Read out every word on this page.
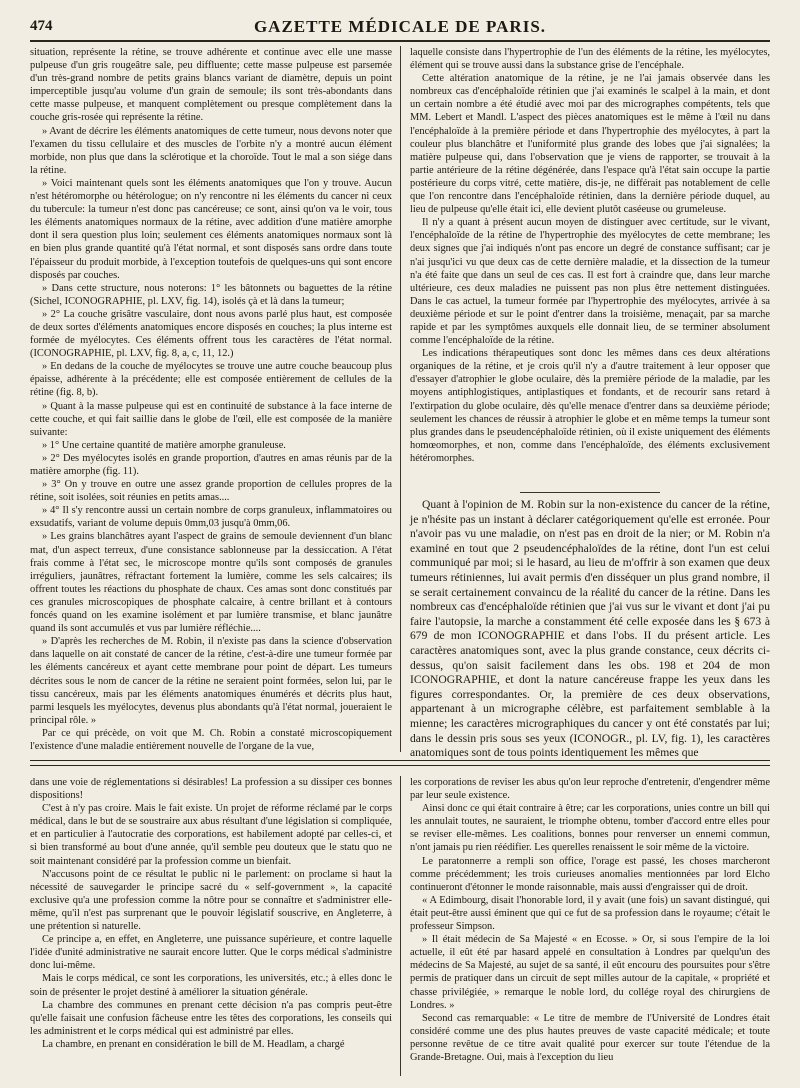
474	GAZETTE MÉDICALE DE PARIS.

situation, représente la rétine, se trouve adhérente et continue avec elle une masse pulpeuse d'un gris rougeâtre sale, peu diffluente; cette masse pulpeuse est parsemée d'un très-grand nombre de petits grains blancs variant de diamètre, depuis un point imperceptible jusqu'au volume d'un grain de semoule; ils sont très-abondants dans cette masse pulpeuse, et manquent complètement ou presque complètement dans la couche gris-rosée qui représente la rétine.

» Avant de décrire les éléments anatomiques de cette tumeur, nous devons noter que l'examen du tissu cellulaire et des muscles de l'orbite n'y a montré aucun élément morbide, non plus que dans la sclérotique et la choroïde. Tout le mal a son siége dans la rétine.

» Voici maintenant quels sont les éléments anatomiques que l'on y trouve. Aucun n'est hétéromorphe ou hétérologue; on n'y rencontre ni les éléments du cancer ni ceux du tubercule: la tumeur n'est donc pas cancéreuse; ce sont, ainsi qu'on va le voir, tous les éléments anatomiques normaux de la rétine, avec addition d'une matière amorphe dont il sera question plus loin; seulement ces éléments anatomiques normaux sont là en bien plus grande quantité qu'à l'état normal, et sont disposés sans ordre dans toute l'épaisseur du produit morbide, à l'exception toutefois de quelques-uns qui sont encore disposés par couches.

» Dans cette structure, nous noterons: 1° les bâtonnets ou baguettes de la rétine (Sichel, ICONOGRAPHIE, pl. LXV, fig. 14), isolés çà et là dans la tumeur;

» 2° La couche grisâtre vasculaire, dont nous avons parlé plus haut, est composée de deux sortes d'éléments anatomiques encore disposés en couches; la plus interne est formée de myélocytes. Ces éléments offrent tous les caractères de l'état normal. (ICONOGRAPHIE, pl. LXV, fig. 8, a, c, 11, 12.)

» En dedans de la couche de myélocytes se trouve une autre couche beaucoup plus épaisse, adhérente à la précédente; elle est composée entièrement de cellules de la rétine (fig. 8, b).

» Quant à la masse pulpeuse qui est en continuité de substance à la face interne de cette couche, et qui fait saillie dans le globe de l'œil, elle est composée de la manière suivante:

» 1° Une certaine quantité de matière amorphe granuleuse.

» 2° Des myélocytes isolés en grande proportion, d'autres en amas réunis par de la matière amorphe (fig. 11).

» 3° On y trouve en outre une assez grande proportion de cellules propres de la rétine, soit isolées, soit réunies en petits amas....

» 4° Il s'y rencontre aussi un certain nombre de corps granuleux, inflammatoires ou exsudatifs, variant de volume depuis 0mm,03 jusqu'à 0mm,06.

» Les grains blanchâtres ayant l'aspect de grains de semoule deviennent d'un blanc mat, d'un aspect terreux, d'une consistance sablonneuse par la dessiccation. A l'état frais comme à l'état sec, le microscope montre qu'ils sont composés de granules irréguliers, jaunâtres, réfractant fortement la lumière, comme les sels calcaires; ils offrent toutes les réactions du phosphate de chaux. Ces amas sont donc constitués par ces granules microscopiques de phosphate calcaire, à centre brillant et à contours foncés quand on les examine isolément et par lumière transmise, et blanc jaunâtre quand ils sont accumulés et vus par lumière réfléchie....

» D'après les recherches de M. Robin, il n'existe pas dans la science d'observation dans laquelle on ait constaté de cancer de la rétine, c'est-à-dire une tumeur formée par les éléments cancéreux et ayant cette membrane pour point de départ. Les tumeurs décrites sous le nom de cancer de la rétine ne seraient point formées, selon lui, par le tissu cancéreux, mais par les éléments anatomiques énumérés et décrits plus haut, parmi lesquels les myélocytes, devenus plus abondants qu'à l'état normal, joueraient le principal rôle. »

Par ce qui précède, on voit que M. Ch. Robin a constaté microscopiquement l'existence d'une maladie entièrement nouvelle de l'organe de la vue,

laquelle consiste dans l'hypertrophie de l'un des éléments de la rétine, les myélocytes, élément qui se trouve aussi dans la substance grise de l'encéphale.

Cette altération anatomique de la rétine, je ne l'ai jamais observée dans les nombreux cas d'encéphaloïde rétinien que j'ai examinés le scalpel à la main, et dont un certain nombre a été étudié avec moi par des micrographes compétents, tels que MM. Lebert et Mandl. L'aspect des pièces anatomiques est le même à l'œil nu dans l'encéphaloïde à la première période et dans l'hypertrophie des myélocytes, à part la couleur plus blanchâtre et l'uniformité plus grande des lobes que j'ai signalées; la matière pulpeuse qui, dans l'observation que je viens de rapporter, se trouvait à la partie antérieure de la rétine dégénérée, dans l'espace qu'à l'état sain occupe la partie postérieure du corps vitré, cette matière, dis-je, ne différait pas notablement de celle que l'on rencontre dans l'encéphaloïde rétinien, dans la dernière période duquel, au lieu de pulpeuse qu'elle était ici, elle devient plutôt caséeuse ou grumeleuse.

Il n'y a quant à présent aucun moyen de distinguer avec certitude, sur le vivant, l'encéphaloïde de la rétine de l'hypertrophie des myélocytes de cette membrane; les deux signes que j'ai indiqués n'ont pas encore un degré de constance suffisant; car je n'ai jusqu'ici vu que deux cas de cette dernière maladie, et la dissection de la tumeur n'a été faite que dans un seul de ces cas. Il est fort à craindre que, dans leur marche ultérieure, ces deux maladies ne puissent pas non plus être nettement distinguées. Dans le cas actuel, la tumeur formée par l'hypertrophie des myélocytes, arrivée à sa deuxième période et sur le point d'entrer dans la troisième, menaçait, par sa marche rapide et par les symptômes auxquels elle donnait lieu, de se terminer absolument comme l'encéphaloïde de la rétine.

Les indications thérapeutiques sont donc les mêmes dans ces deux altérations organiques de la rétine, et je crois qu'il n'y a d'autre traitement à leur opposer que d'essayer d'atrophier le globe oculaire, dès la première période de la maladie, par les moyens antiphlogistiques, antiplastiques et fondants, et de recourir sans retard à l'extirpation du globe oculaire, dès qu'elle menace d'entrer dans sa deuxième période; seulement les chances de réussir à atrophier le globe et en même temps la tumeur sont plus grandes dans le pseudencéphaloïde rétinien, où il existe uniquement des éléments homœomorphes, et non, comme dans l'encéphaloïde, des éléments exclusivement hétéromorphes.

Quant à l'opinion de M. Robin sur la non-existence du cancer de la rétine, je n'hésite pas un instant à déclarer catégoriquement qu'elle est erronée. Pour n'avoir pas vu une maladie, on n'est pas en droit de la nier; or M. Robin n'a examiné en tout que 2 pseudencéphaloïdes de la rétine, dont l'un est celui communiqué par moi; si le hasard, au lieu de m'offrir à son examen que deux tumeurs rétiniennes, lui avait permis d'en disséquer un plus grand nombre, il se serait certainement convaincu de la réalité du cancer de la rétine. Dans les nombreux cas d'encéphaloïde rétinien que j'ai vus sur le vivant et dont j'ai pu faire l'autopsie, la marche a constamment été celle exposée dans les § 673 à 679 de mon ICONOGRAPHIE et dans l'obs. II du présent article. Les caractères anatomiques sont, avec la plus grande constance, ceux décrits ci-dessus, qu'on saisit facilement dans les obs. 198 et 204 de mon ICONOGRAPHIE, et dont la nature cancéreuse frappe les yeux dans les figures correspondantes. Or, la première de ces deux observations, appartenant à un micrographe célèbre, est parfaitement semblable à la mienne; les caractères micrographiques du cancer y ont été constatés par lui; dans le dessin pris sous ses yeux (ICONOGR., pl. LV, fig. 1), les caractères anatomiques sont de tous points identiquement les mêmes que

dans une voie de réglementations si désirables! La profession a su dissiper ces bonnes dispositions!

C'est à n'y pas croire. Mais le fait existe. Un projet de réforme réclamé par le corps médical, dans le but de se soustraire aux abus résultant d'une législation si compliquée, et en particulier à l'autocratie des corporations, est habilement adopté par celles-ci, et si bien transformé au bout d'une année, qu'il semble peu douteux que le statu quo ne soit maintenant considéré par la profession comme un bienfait.

N'accusons point de ce résultat le public ni le parlement: on proclame si haut la nécessité de sauvegarder le principe sacré du « self-government », la capacité exclusive qu'a une profession comme la nôtre pour se connaître et s'administrer elle-même, qu'il n'est pas surprenant que le pouvoir législatif souscrive, en Angleterre, à une prétention si naturelle.

Ce principe a, en effet, en Angleterre, une puissance supérieure, et contre laquelle l'idée d'unité administrative ne saurait encore lutter. Que le corps médical s'administre donc lui-même.

Mais le corps médical, ce sont les corporations, les universités, etc.; à elles donc le soin de présenter le projet destiné à améliorer la situation générale.

La chambre des communes en prenant cette décision n'a pas compris peut-être qu'elle faisait une confusion fâcheuse entre les têtes des corporations, les conseils qui les administrent et le corps médical qui est administré par elles.

La chambre, en prenant en considération le bill de M. Headlam, a chargé

les corporations de reviser les abus qu'on leur reproche d'entretenir, d'engendrer même par leur seule existence.

Ainsi donc ce qui était contraire à être; car les corporations, unies contre un bill qui les annulait toutes, ne sauraient, le triomphe obtenu, tomber d'accord entre elles pour se reviser elle-mêmes. Les coalitions, bonnes pour renverser un ennemi commun, n'ont jamais pu rien réédifier. Les querelles renaissent le soir même de la victoire.

Le paratonnerre a rempli son office, l'orage est passé, les choses marcheront comme précédemment; les trois curieuses anomalies mentionnées par lord Elcho continueront d'étonner le monde raisonnable, mais aussi d'engraisser qui de droit.

« A Edimbourg, disait l'honorable lord, il y avait (une fois) un savant distingué, qui était peut-être aussi éminent que qui ce fut de sa profession dans le royaume; c'était le professeur Simpson.

» Il était médecin de Sa Majesté « en Ecosse. » Or, si sous l'empire de la loi actuelle, il eût été par hasard appelé en consultation à Londres par quelqu'un des médecins de Sa Majesté, au sujet de sa santé, il eût encouru des poursuites pour s'être permis de pratiquer dans un circuit de sept milles autour de la capitale, « propriété et chasse privilégiée, » remarque le noble lord, du collége royal des chirurgiens de Londres. »

Second cas remarquable: « Le titre de membre de l'Université de Londres était considéré comme une des plus hautes preuves de vaste capacité médicale; et toute personne revêtue de ce titre avait qualité pour exercer sur toute l'étendue de la Grande-Bretagne. Oui, mais à l'exception du lieu
